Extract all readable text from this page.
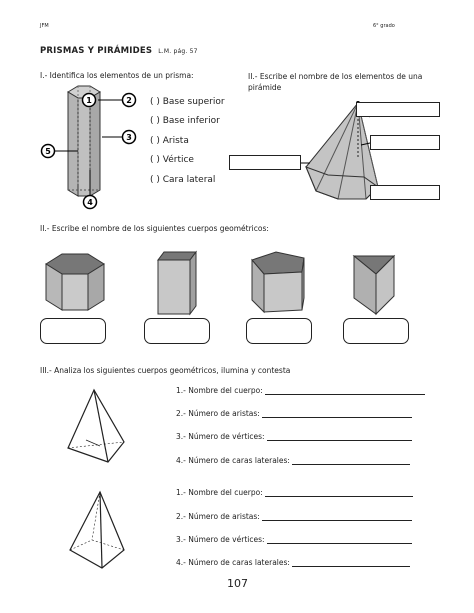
JFM	6° grado
PRISMAS Y PIRÁMIDES L.M. pág. 57
I.- Identifica los elementos de un prisma:
1	2
3
4
5
( ) Base superior
( ) Base inferior
( ) Arista
( ) Vértice
( ) Cara lateral
II.- Escribe el nombre de los elementos de una
pirámide
II.- Escribe el nombre de los siguientes cuerpos geométricos:
III.- Analiza los siguientes cuerpos geométricos, ilumina y contesta
1.- Nombre del cuerpo:
2.- Número de aristas:
3.- Número de vértices:
4.- Número de caras laterales:
1.- Nombre del cuerpo:
2.- Número de aristas:
3.- Número de vértices:
4.- Número de caras laterales:
107
